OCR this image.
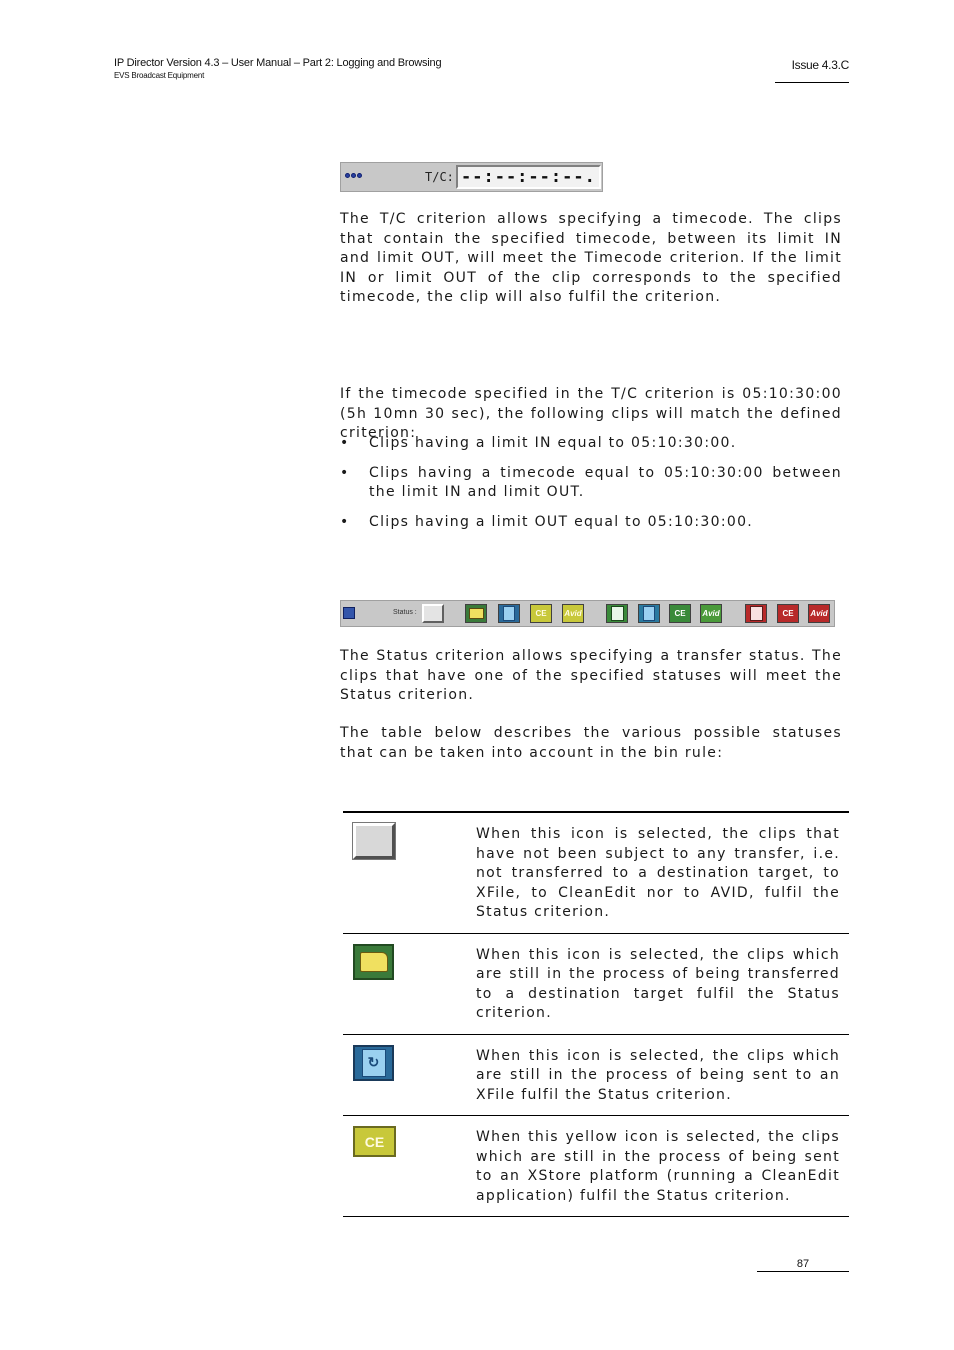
IP Director Version 4.3 – User Manual – Part 2: Logging and Browsing
EVS Broadcast Equipment
Issue 4.3.C
T/C: --:--:--:--.
The T/C criterion allows specifying a timecode. The clips that contain the specified timecode, between its limit IN and limit OUT, will meet the Timecode criterion. If the limit IN or limit OUT of the clip corresponds to the specified timecode, the clip will also fulfil the criterion.
If the timecode specified in the T/C criterion is 05:10:30:00 (5h 10mn 30 sec), the following clips will match the defined criterion:
• Clips having a limit IN equal to 05:10:30:00.
• Clips having a timecode equal to 05:10:30:00 between the limit IN and limit OUT.
• Clips having a limit OUT equal to 05:10:30:00.
Status :	CE	Avid	CE	Avid	CE	Avid
The Status criterion allows specifying a transfer status. The clips that have one of the specified statuses will meet the Status criterion.
The table below describes the various possible statuses that can be taken into account in the bin rule:
When this icon is selected, the clips that have not been subject to any transfer, i.e. not transferred to a destination target, to XFile, to CleanEdit nor to AVID, fulfil the Status criterion.
When this icon is selected, the clips which are still in the process of being transferred to a destination target fulfil the Status criterion.
↻	When this icon is selected, the clips which are still in the process of being sent to an XFile fulfil the Status criterion.
CE	When this yellow icon is selected, the clips which are still in the process of being sent to an XStore platform (running a CleanEdit application) fulfil the Status criterion.
87
